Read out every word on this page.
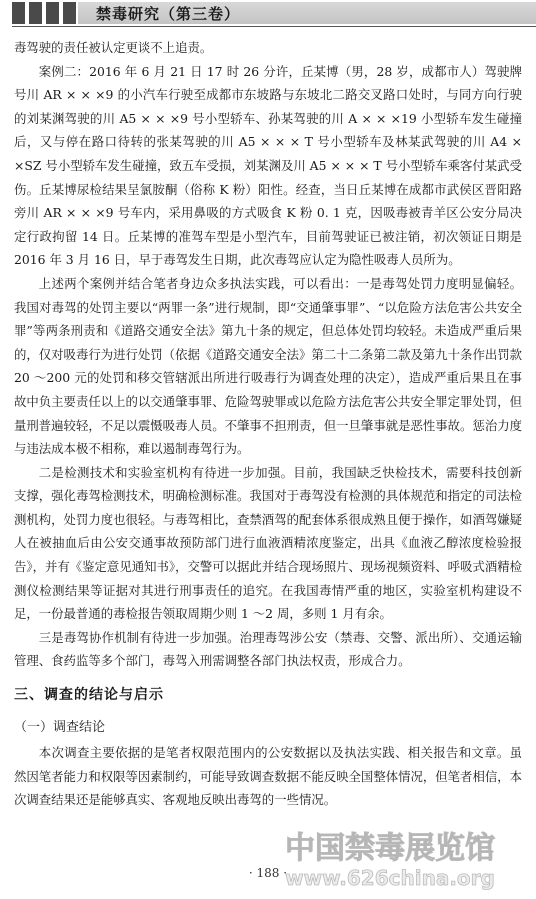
禁毒研究（第三卷）

毒驾驶的责任被认定更谈不上追责。

案例二：2016 年 6 月 21 日 17 时 26 分许，丘某博（男，28 岁，成都市人）驾驶牌号川 AR × × ×9 的小汽车行驶至成都市东坡路与东坡北二路交叉路口处时，与同方向行驶的刘某渊驾驶的川 A5 × × ×9 号小型轿车、孙某驾驶的川 A × × ×19 小型轿车发生碰撞后，又与停在路口待转的张某驾驶的川 A5 × × × T 号小型轿车及林某武驾驶的川 A4 × ×SZ 号小型轿车发生碰撞，致五车受损，刘某渊及川 A5 × × × T 号小型轿车乘客付某武受伤。丘某博尿检结果呈氯胺酮（俗称 K 粉）阳性。经查，当日丘某博在成都市武侯区晋阳路旁川 AR × × ×9 号车内，采用鼻吸的方式吸食 K 粉 0. 1 克，因吸毒被青羊区公安分局决定行政拘留 14 日。丘某博的准驾车型是小型汽车，目前驾驶证已被注销，初次领证日期是 2016 年 3 月 16 日，早于毒驾发生日期，此次毒驾应认定为隐性吸毒人员所为。

上述两个案例并结合笔者身边众多执法实践，可以看出：一是毒驾处罚力度明显偏轻。我国对毒驾的处罚主要以“两罪一条”进行规制，即“交通肇事罪”、“以危险方法危害公共安全罪”等两条刑责和《道路交通安全法》第九十条的规定，但总体处罚均较轻。未造成严重后果的，仅对吸毒行为进行处罚（依据《道路交通安全法》第二十二条第二款及第九十条作出罚款 20 ～200 元的处罚和移交管辖派出所进行吸毒行为调查处理的决定），造成严重后果且在事故中负主要责任以上的以交通肇事罪、危险驾驶罪或以危险方法危害公共安全罪定罪处罚，但量刑普遍较轻，不足以震慑吸毒人员。不肇事不担刑责，但一旦肇事就是恶性事故。惩治力度与违法成本极不相称，难以遏制毒驾行为。

二是检测技术和实验室机构有待进一步加强。目前，我国缺乏快检技术，需要科技创新支撑，强化毒驾检测技术，明确检测标准。我国对于毒驾没有检测的具体规范和指定的司法检测机构，处罚力度也很轻。与毒驾相比，查禁酒驾的配套体系很成熟且便于操作，如酒驾嫌疑人在被抽血后由公安交通事故预防部门进行血液酒精浓度鉴定，出具《血液乙醇浓度检验报告》，并有《鉴定意见通知书》，交警可以据此并结合现场照片、现场视频资料、呼吸式酒精检测仪检测结果等证据对其进行刑事责任的追究。在我国毒情严重的地区，实验室机构建设不足，一份最普通的毒检报告领取周期少则 1 ～2 周，多则 1 月有余。

三是毒驾协作机制有待进一步加强。治理毒驾涉公安（禁毒、交警、派出所）、交通运输管理、食药监等多个部门，毒驾入刑需调整各部门执法权责，形成合力。

三、调查的结论与启示
（一）调查结论

本次调查主要依据的是笔者权限范围内的公安数据以及执法实践、相关报告和文章。虽然因笔者能力和权限等因素制约，可能导致调查数据不能反映全国整体情况，但笔者相信，本次调查结果还是能够真实、客观地反映出毒驾的一些情况。

· 188 ·
中国禁毒展览馆
www.626china.org
